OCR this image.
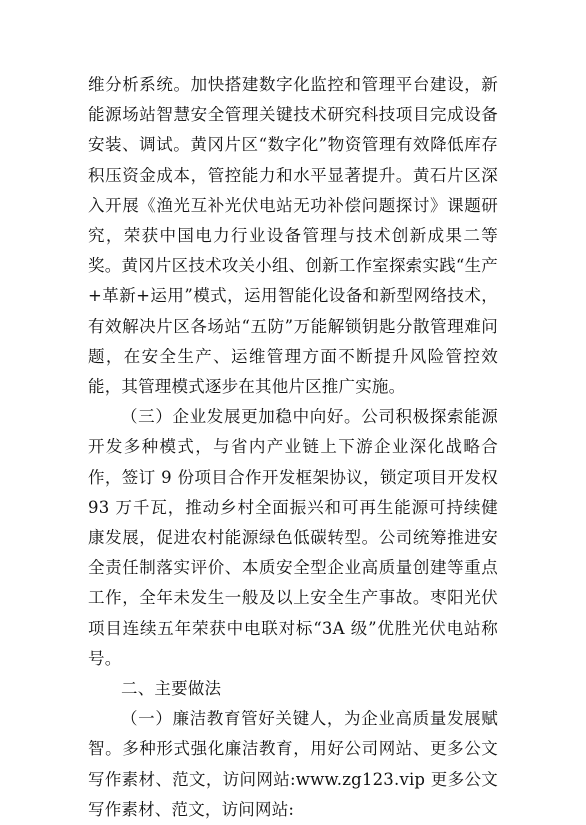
维分析系统。加快搭建数字化监控和管理平台建设，新能源场站智慧安全管理关键技术研究科技项目完成设备安装、调试。黄冈片区“数字化”物资管理有效降低库存积压资金成本，管控能力和水平显著提升。黄石片区深入开展《渔光互补光伏电站无功补偿问题探讨》课题研究，荣获中国电力行业设备管理与技术创新成果二等奖。黄冈片区技术攻关小组、创新工作室探索实践“生产+革新+运用”模式，运用智能化设备和新型网络技术，有效解决片区各场站“五防”万能解锁钥匙分散管理难问题，在安全生产、运维管理方面不断提升风险管控效能，其管理模式逐步在其他片区推广实施。

（三）企业发展更加稳中向好。公司积极探索能源开发多种模式，与省内产业链上下游企业深化战略合作，签订 9 份项目合作开发框架协议，锁定项目开发权 93 万千瓦，推动乡村全面振兴和可再生能源可持续健康发展，促进农村能源绿色低碳转型。公司统筹推进安全责任制落实评价、本质安全型企业高质量创建等重点工作，全年未发生一般及以上安全生产事故。枣阳光伏项目连续五年荣获中电联对标“3A 级”优胜光伏电站称号。

二、主要做法

（一）廉洁教育管好关键人，为企业高质量发展赋智。多种形式强化廉洁教育，用好公司网站、更多公文写作素材、范文，访问网站:www.zg123.vip 更多公文写作素材、范文，访问网站:
